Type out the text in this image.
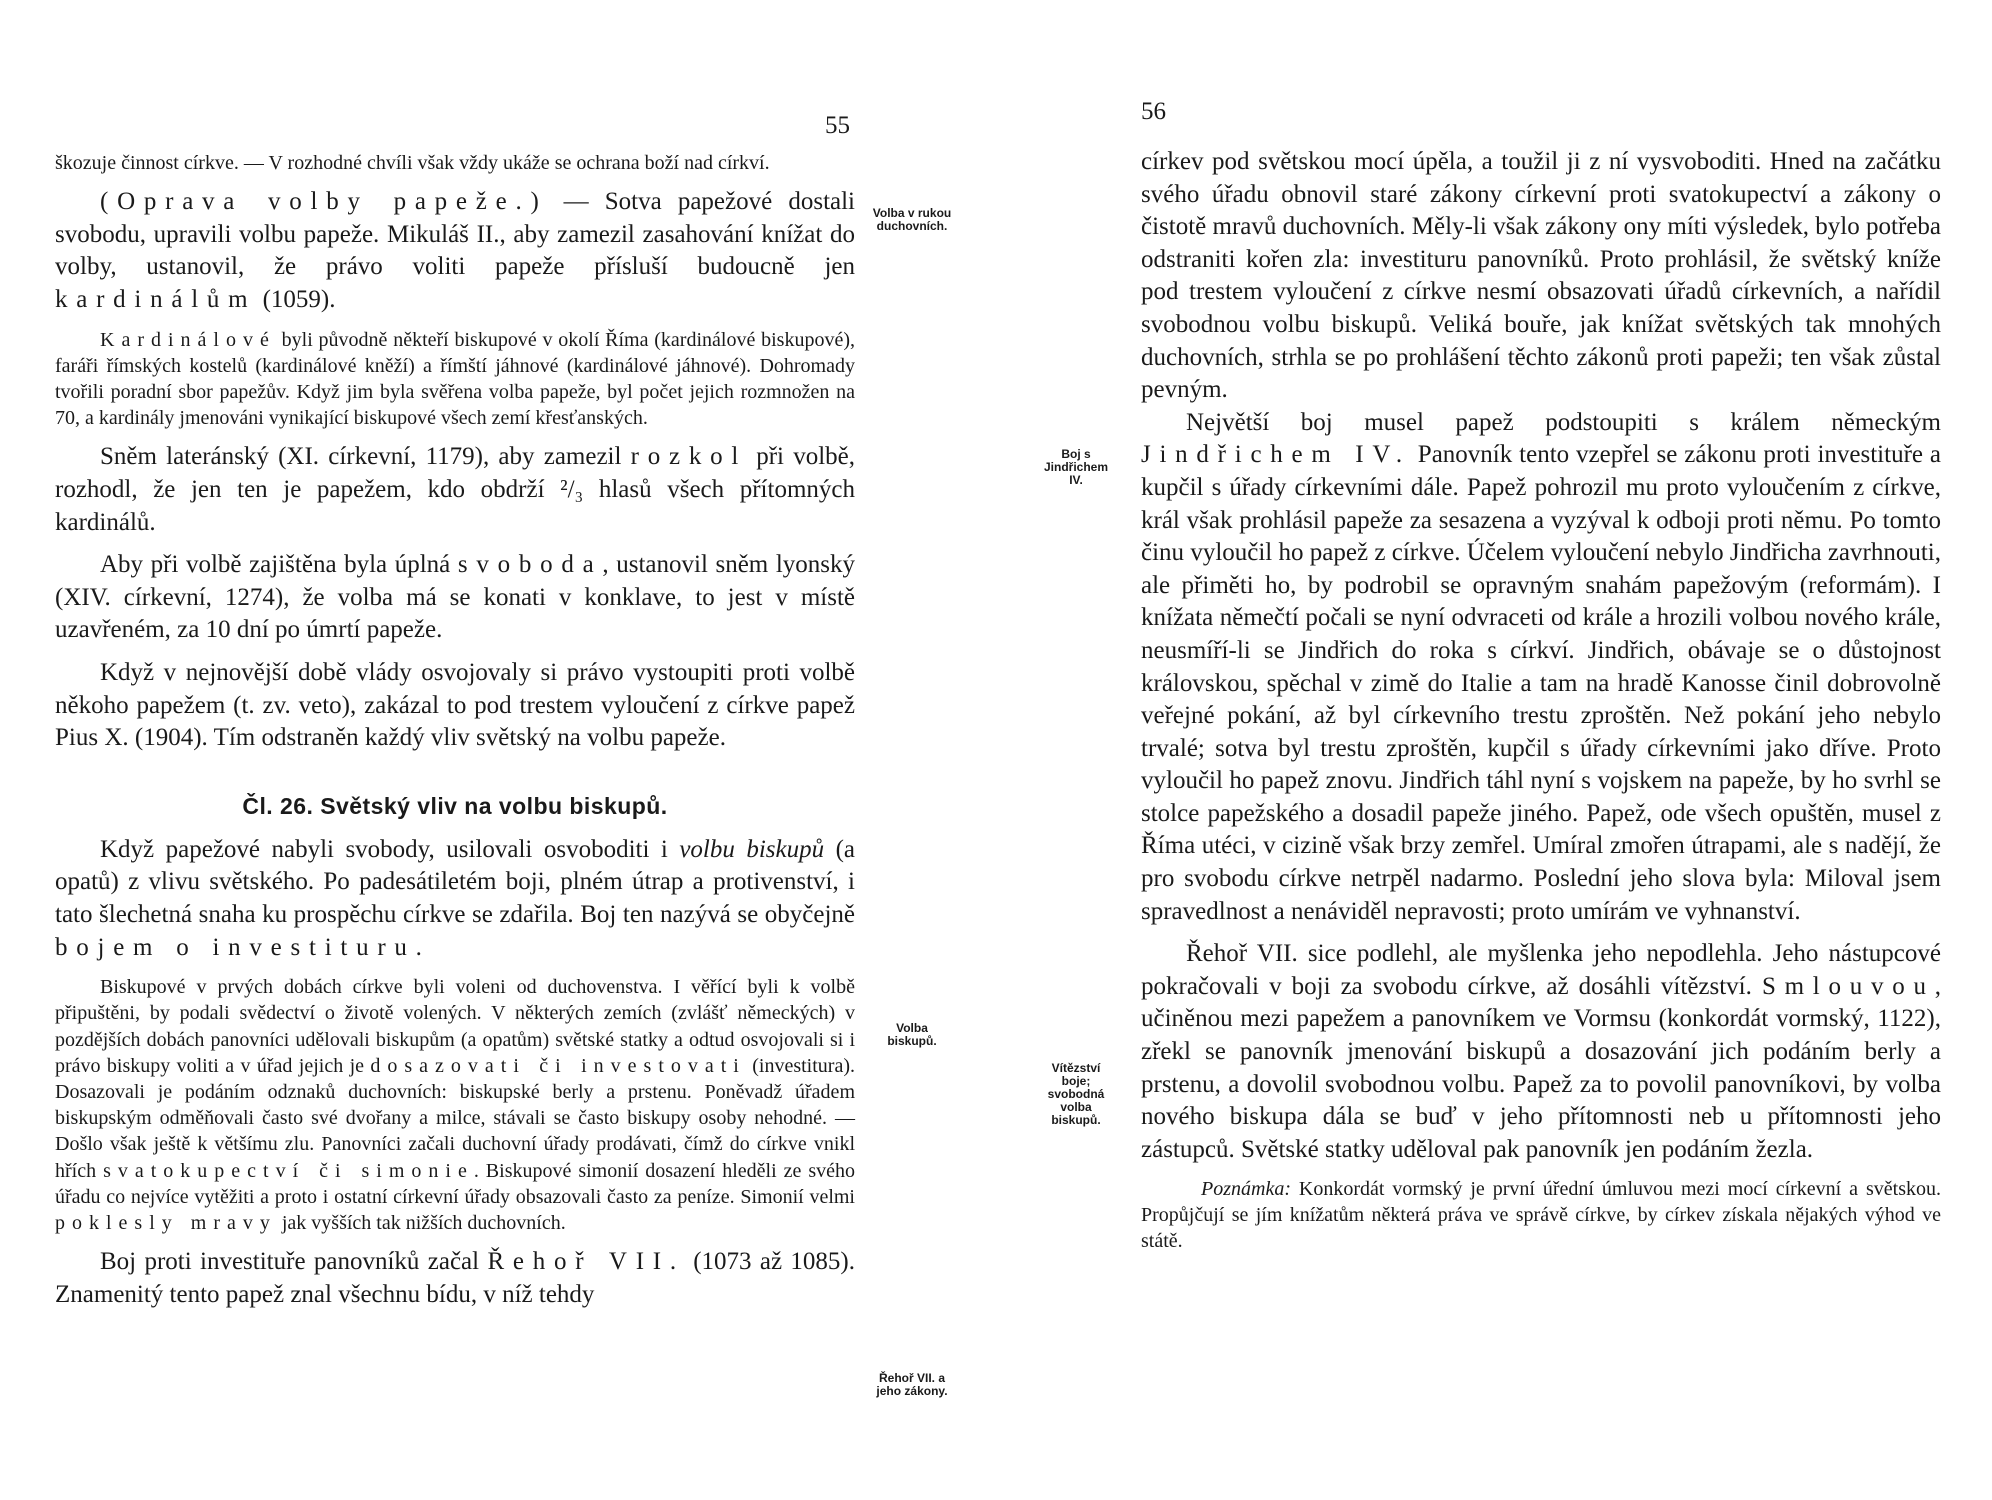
55

škozuje činnost církve. — V rozhodné chvíli však vždy ukáže se ochrana boží nad církví.

(Oprava volby papeže.) — Sotva papežové dostali svobodu, upravili volbu papeže. Mikuláš II., aby zamezil zasahování knížat do volby, ustanovil, že právo voliti papeže přísluší budoucně jen kardinálům (1059).

Kardinálové byli původně někteří biskupové v okolí Říma (kardinálové biskupové), faráři římských kostelů (kardinálové kněží) a římští jáhnové (kardinálové jáhnové). Dohromady tvořili poradní sbor papežův. Když jim byla svěřena volba papeže, byl počet jejich rozmnožen na 70, a kardinály jmenováni vynikající biskupové všech zemí křesťanských.

Sněm lateránský (XI. církevní, 1179), aby zamezil rozkol při volbě, rozhodl, že jen ten je papežem, kdo obdrží ²/₃ hlasů všech přítomných kardinálů.

Aby při volbě zajištěna byla úplná svoboda, ustanovil sněm lyonský (XIV. církevní, 1274), že volba má se konati v konklave, to jest v místě uzavřeném, za 10 dní po úmrtí papeže.

Když v nejnovější době vlády osvojovaly si právo vystoupiti proti volbě někoho papežem (t. zv. veto), zakázal to pod trestem vyloučení z církve papež Pius X. (1904). Tím odstraněn každý vliv světský na volbu papeže.

Čl. 26. Světský vliv na volbu biskupů.

Když papežové nabyli svobody, usilovali osvoboditi i volbu biskupů (a opatů) z vlivu světského. Po padesátiletém boji, plném útrap a protivenství, i tato šlechetná snaha ku prospěchu církve se zdařila. Boj ten nazývá se obyčejně bojem o investituru.

Biskupové v prvých dobách církve byli voleni od duchovenstva. I věřící byli k volbě připuštěni, by podali svědectví o životě volených. V některých zemích (zvlášť německých) v pozdějších dobách panovníci udělovali biskupům (a opatům) světské statky a odtud osvojovali si i právo biskupy voliti a v úřad jejich je dosazovati či investovati (investitura). Dosazovali je podáním odznaků duchovních: biskupské berly a prstenu. Poněvadž úřadem biskupským odměňovali často své dvořany a milce, stávali se často biskupy osoby nehodné. — Došlo však ještě k většímu zlu. Panovníci začali duchovní úřady prodávati, čímž do církve vnikl hřích svatokupectví či simonie. Biskupové simonií dosazení hleděli ze svého úřadu co nejvíce vytěžiti a proto i ostatní církevní úřady obsazovali často za peníze. Simonií velmi poklesly mravy jak vyšších tak nižších duchovních.

Boj proti investituře panovníků začal Řehoř VII. (1073 až 1085). Znamenitý tento papež znal všechnu bídu, v níž tehdy

Volba v rukou duchovních.
Volba biskupů.
Řehoř VII. a jeho zákony.
56

církev pod světskou mocí úpěla, a toužil ji z ní vysvoboditi. Hned na začátku svého úřadu obnovil staré zákony církevní proti svatokupectví a zákony o čistotě mravů duchovních. Měly-li však zákony ony míti výsledek, bylo potřeba odstraniti kořen zla: investituru panovníků. Proto prohlásil, že světský kníže pod trestem vyloučení z církve nesmí obsazovati úřadů církevních, a nařídil svobodnou volbu biskupů. Veliká bouře, jak knížat světských tak mnohých duchovních, strhla se po prohlášení těchto zákonů proti papeži; ten však zůstal pevným.

Největší boj musel papež podstoupiti s králem německým Jindřichem IV. Panovník tento vzepřel se zákonu proti investituře a kupčil s úřady církevními dále. Papež pohrozil mu proto vyloučením z církve, král však prohlásil papeže za sesazena a vyzýval k odboji proti němu. Po tomto činu vyloučil ho papež z církve. Účelem vyloučení nebylo Jindřicha zavrhnouti, ale přiměti ho, by podrobil se opravným snahám papežovým (reformám). I knížata němečtí počali se nyní odvraceti od krále a hrozili volbou nového krále, neusmíří-li se Jindřich do roka s církví. Jindřich, obávaje se o důstojnost královskou, spěchal v zimě do Italie a tam na hradě Kanosse činil dobrovolně veřejné pokání, až byl církevního trestu zproštěn. Než pokání jeho nebylo trvalé; sotva byl trestu zproštěn, kupčil s úřady církevními jako dříve. Proto vyloučil ho papež znovu. Jindřich táhl nyní s vojskem na papeže, by ho svrhl se stolce papežského a dosadil papeže jiného. Papež, ode všech opuštěn, musel z Říma utéci, v cizině však brzy zemřel. Umíral zmořen útrapami, ale s nadějí, že pro svobodu církve netrpěl nadarmo. Poslední jeho slova byla: Miloval jsem spravedlnost a nenáviděl nepravosti; proto umírám ve vyhnanství.

Řehoř VII. sice podlehl, ale myšlenka jeho nepodlehla. Jeho nástupcové pokračovali v boji za svobodu církve, až dosáhli vítězství. Smlouvou, učiněnou mezi papežem a panovníkem ve Vormsu (konkordát vormský, 1122), zřekl se panovník jmenování biskupů a dosazování jich podáním berly a prstenu, a dovolil svobodnou volbu. Papež za to povolil panovníkovi, by volba nového biskupa dála se buď v jeho přítomnosti neb u přítomnosti jeho zástupců. Světské statky uděloval pak panovník jen podáním žezla.

Poznámka: Konkordát vormský je první úřední úmluvou mezi mocí církevní a světskou. Propůjčují se jím knížatům některá práva ve správě církve, by církev získala nějakých výhod ve státě.

Boj s Jindřichem IV.
Vítězství boje; svobodná volba biskupů.
